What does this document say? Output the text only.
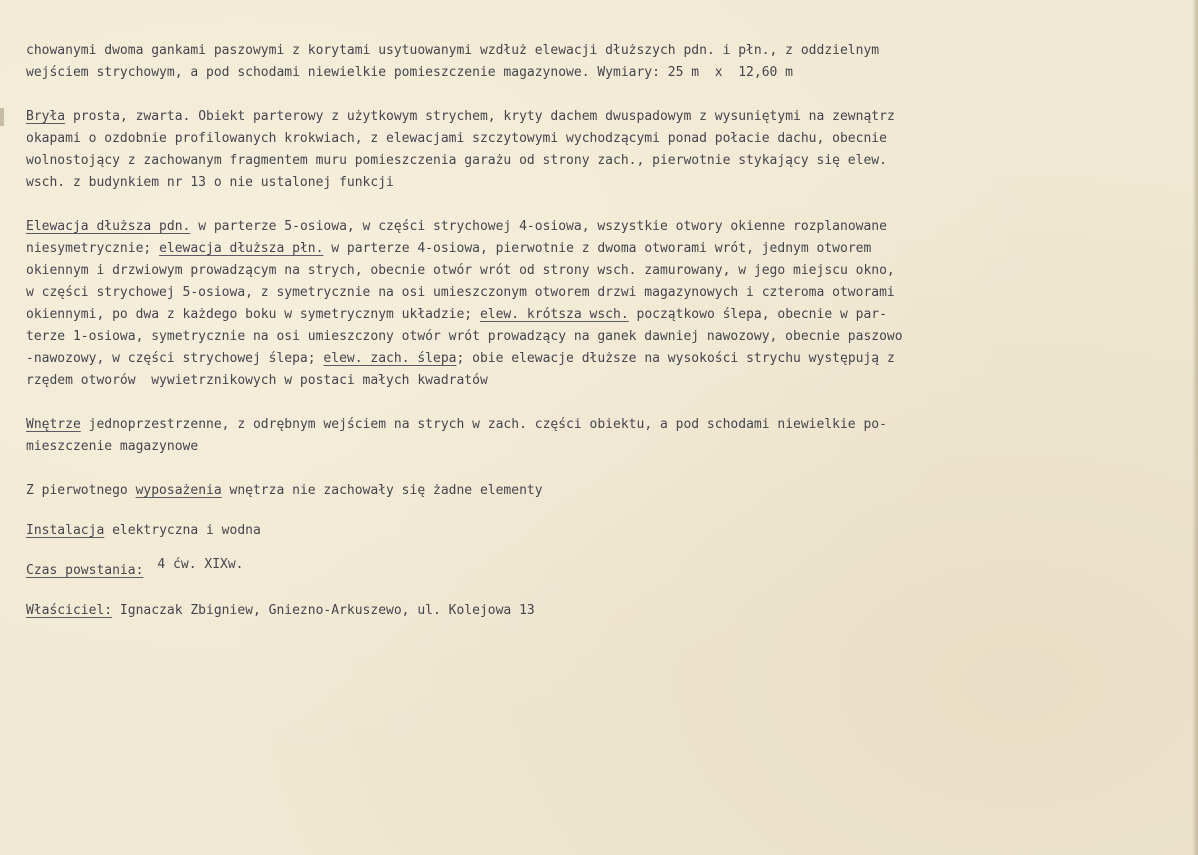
chowanymi dwoma gankami paszowymi z korytami usytuowanymi wzdłuż elewacji dłuższych pdn. i płn., z oddzielnym
wejściem strychowym, a pod schodami niewielkie pomieszczenie magazynowe. Wymiary: 25 m  x  12,60 m
Bryła prosta, zwarta. Obiekt parterowy z użytkowym strychem, kryty dachem dwuspadowym z wysuniętymi na zewnątrz
okapami o ozdobnie profilowanych krokwiach, z elewacjami szczytowymi wychodzącymi ponad połacie dachu, obecnie
wolnostojący z zachowanym fragmentem muru pomieszczenia garażu od strony zach., pierwotnie stykający się elew.
wsch. z budynkiem nr 13 o nie ustalonej funkcji
Elewacja dłuższa pdn. w parterze 5-osiowa, w części strychowej 4-osiowa, wszystkie otwory okienne rozplanowane
niesymetrycznie; elewacja dłuższa płn. w parterze 4-osiowa, pierwotnie z dwoma otworami wrót, jednym otworem
okiennym i drzwiowym prowadzącym na strych, obecnie otwór wrót od strony wsch. zamurowany, w jego miejscu okno,
w części strychowej 5-osiowa, z symetrycznie na osi umieszczonym otworem drzwi magazynowych i czteroma otworami
okiennymi, po dwa z każdego boku w symetrycznym układzie; elew. krótsza wsch. początkowo ślepa, obecnie w par-
terze 1-osiowa, symetrycznie na osi umieszczony otwór wrót prowadzący na ganek dawniej nawozowy, obecnie paszowo
-nawozowy, w części strychowej ślepa; elew. zach. ślepa; obie elewacje dłuższe na wysokości strychu występują z
rzędem otworów  wywietrznikowych w postaci małych kwadratów
Wnętrze jednoprzestrzenne, z odrębnym wejściem na strych w zach. części obiektu, a pod schodami niewielkie po-
mieszczenie magazynowe
Z pierwotnego wyposażenia wnętrza nie zachowały się żadne elementy
Instalacja elektryczna i wodna
Czas powstania: 4 ćw. XIXw.
Właściciel: Ignaczak Zbigniew, Gniezno-Arkuszewo, ul. Kolejowa 13
